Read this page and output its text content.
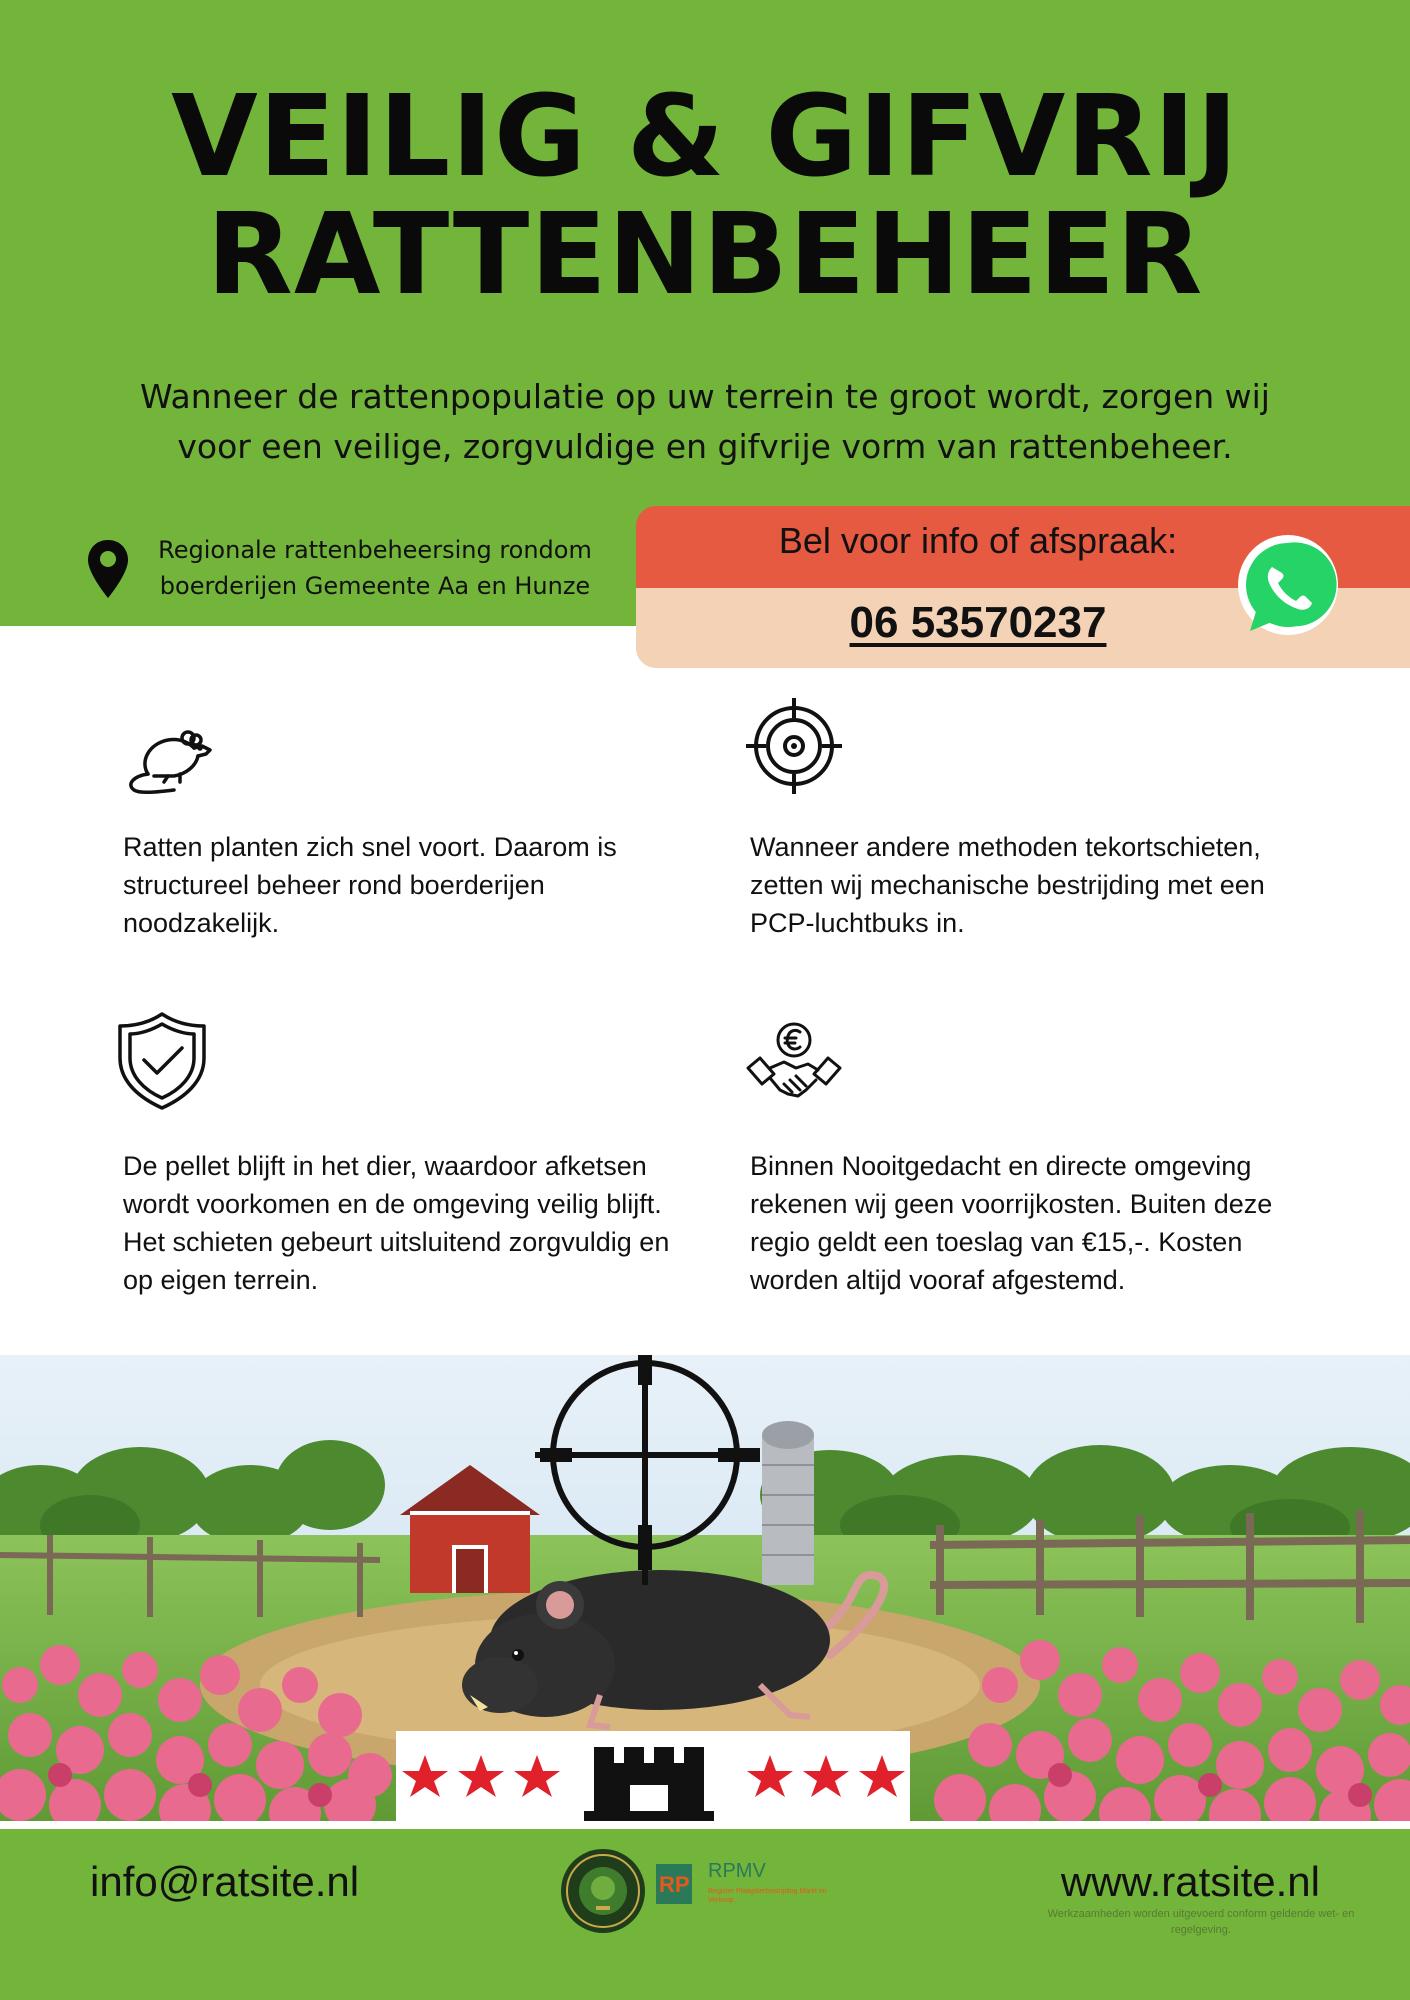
VEILIG & GIFVRIJ
RATTENBEHEER
Wanneer de rattenpopulatie op uw terrein te groot wordt, zorgen wij voor een veilige, zorgvuldige en gifvrije vorm van rattenbeheer.
Regionale rattenbeheersing rondom
boerderijen Gemeente Aa en Hunze
Bel voor info of afspraak:
06 53570237
Ratten planten zich snel voort. Daarom is structureel beheer rond boerderijen noodzakelijk.
Wanneer andere methoden tekortschieten, zetten wij mechanische bestrijding met een PCP-luchtbuks in.
De pellet blijft in het dier, waardoor afketsen wordt voorkomen en de omgeving veilig blijft. Het schieten gebeurt uitsluitend zorgvuldig en op eigen terrein.
Binnen Nooitgedacht en directe omgeving rekenen wij geen voorrijkosten. Buiten deze regio geldt een toeslag van €15,-. Kosten worden altijd vooraf afgestemd.
info@ratsite.nl	www.ratsite.nl
Werkzaamheden worden uitgevoerd conform geldende wet- en regelgeving.
RP
RPMV
Register Plaagdierbestrijding Markt en Verkoop
